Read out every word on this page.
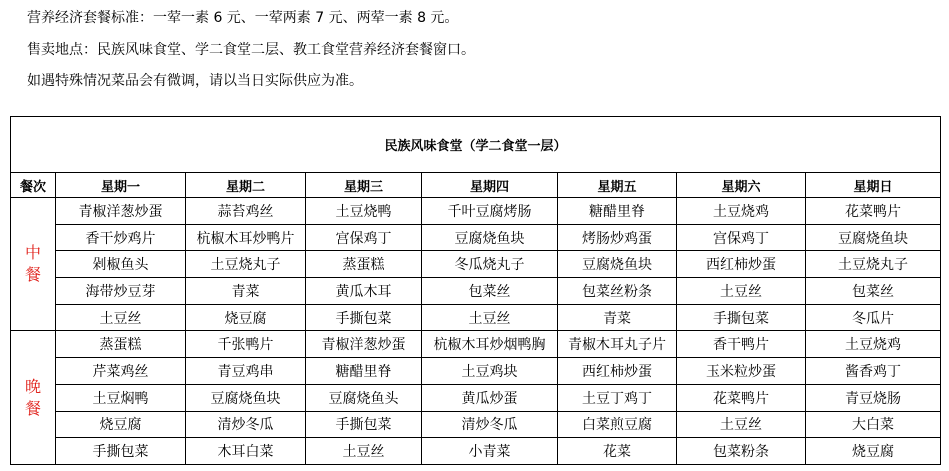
营养经济套餐标准：一荤一素 6 元、一荤两素 7 元、两荤一素 8 元。
售卖地点：民族风味食堂、学二食堂二层、教工食堂营养经济套餐窗口。
如遇特殊情况菜品会有微调，请以当日实际供应为准。
民族风味食堂（学二食堂一层）							
餐次	星期一	星期二	星期三	星期四	星期五	星期六	星期日

中
餐	青椒洋葱炒蛋	蒜苔鸡丝	土豆烧鸭	千叶豆腐烤肠	糖醋里脊	土豆烧鸡	花菜鸭片
	香干炒鸡片	杭椒木耳炒鸭片	宫保鸡丁	豆腐烧鱼块	烤肠炒鸡蛋	宫保鸡丁	豆腐烧鱼块
	剁椒鱼头	土豆烧丸子	蒸蛋糕	冬瓜烧丸子	豆腐烧鱼块	西红柿炒蛋	土豆烧丸子
	海带炒豆芽	青菜	黄瓜木耳	包菜丝	包菜丝粉条	土豆丝	包菜丝
	土豆丝	烧豆腐	手撕包菜	土豆丝	青菜	手撕包菜	冬瓜片

晚
餐	蒸蛋糕	千张鸭片	青椒洋葱炒蛋	杭椒木耳炒烟鸭胸	青椒木耳丸子片	香干鸭片	土豆烧鸡
	芹菜鸡丝	青豆鸡串	糖醋里脊	土豆鸡块	西红柿炒蛋	玉米粒炒蛋	酱香鸡丁
	土豆焖鸭	豆腐烧鱼块	豆腐烧鱼头	黄瓜炒蛋	土豆丁鸡丁	花菜鸭片	青豆烧肠
	烧豆腐	清炒冬瓜	手撕包菜	清炒冬瓜	白菜煎豆腐	土豆丝	大白菜
	手撕包菜	木耳白菜	土豆丝	小青菜	花菜	包菜粉条	烧豆腐
